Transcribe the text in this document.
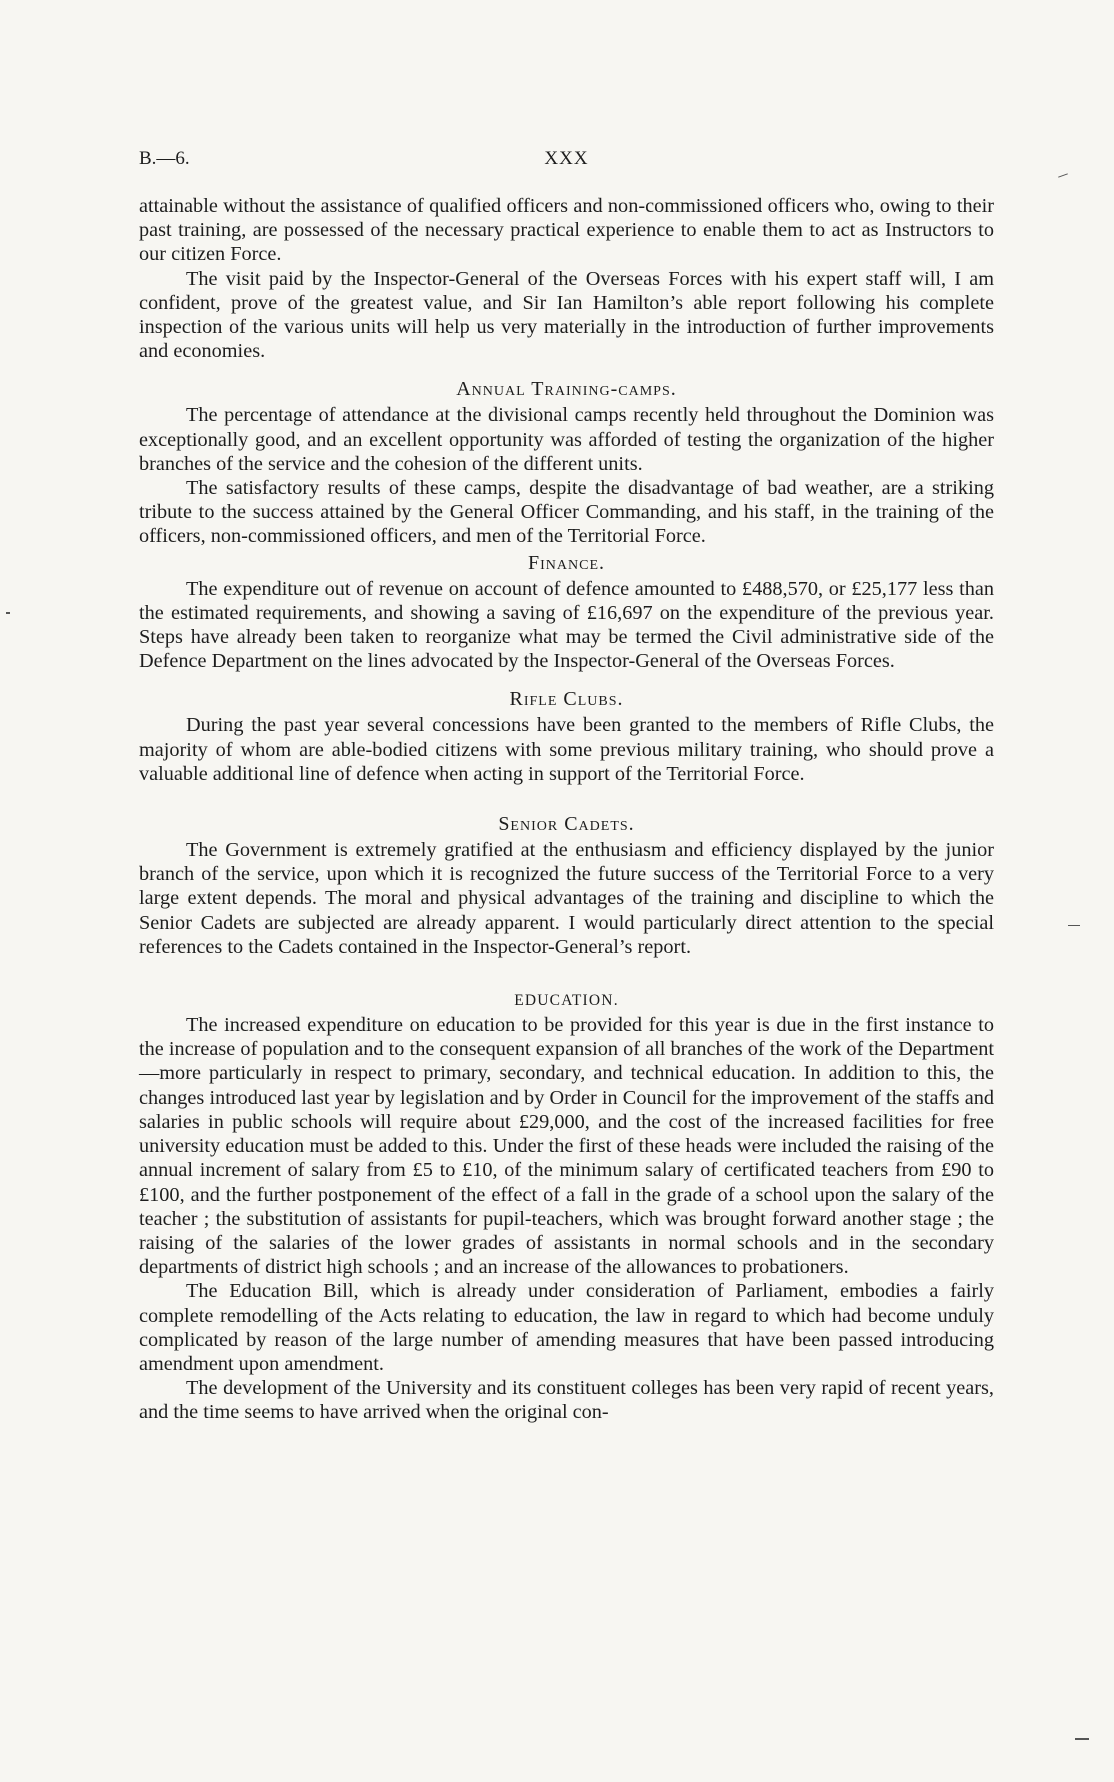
B.—6.	XXX

attainable without the assistance of qualified officers and non-commissioned officers who, owing to their past training, are possessed of the necessary practical experience to enable them to act as Instructors to our citizen Force.

The visit paid by the Inspector-General of the Overseas Forces with his expert staff will, I am confident, prove of the greatest value, and Sir Ian Hamilton’s able report following his complete inspection of the various units will help us very materially in the introduction of further improvements and economies.

Annual Training-camps.

The percentage of attendance at the divisional camps recently held throughout the Dominion was exceptionally good, and an excellent opportunity was afforded of testing the organization of the higher branches of the service and the cohesion of the different units.

The satisfactory results of these camps, despite the disadvantage of bad weather, are a striking tribute to the success attained by the General Officer Commanding, and his staff, in the training of the officers, non-commissioned officers, and men of the Territorial Force.

Finance.

The expenditure out of revenue on account of defence amounted to £488,570, or £25,177 less than the estimated requirements, and showing a saving of £16,697 on the expenditure of the previous year. Steps have already been taken to reorganize what may be termed the Civil administrative side of the Defence Department on the lines advocated by the Inspector-General of the Overseas Forces.

Rifle Clubs.

During the past year several concessions have been granted to the members of Rifle Clubs, the majority of whom are able-bodied citizens with some previous military training, who should prove a valuable additional line of defence when acting in support of the Territorial Force.

Senior Cadets.

The Government is extremely gratified at the enthusiasm and efficiency displayed by the junior branch of the service, upon which it is recognized the future success of the Territorial Force to a very large extent depends. The moral and physical advantages of the training and discipline to which the Senior Cadets are subjected are already apparent. I would particularly direct attention to the special references to the Cadets contained in the Inspector-General’s report.

EDUCATION.

The increased expenditure on education to be provided for this year is due in the first instance to the increase of population and to the consequent expansion of all branches of the work of the Department—more particularly in respect to primary, secondary, and technical education. In addition to this, the changes introduced last year by legislation and by Order in Council for the improvement of the staffs and salaries in public schools will require about £29,000, and the cost of the increased facilities for free university education must be added to this. Under the first of these heads were included the raising of the annual increment of salary from £5 to £10, of the minimum salary of certificated teachers from £90 to £100, and the further postponement of the effect of a fall in the grade of a school upon the salary of the teacher ; the substitution of assistants for pupil-teachers, which was brought forward another stage ; the raising of the salaries of the lower grades of assistants in normal schools and in the secondary departments of district high schools ; and an increase of the allowances to probationers.

The Education Bill, which is already under consideration of Parliament, embodies a fairly complete remodelling of the Acts relating to education, the law in regard to which had become unduly complicated by reason of the large number of amending measures that have been passed introducing amendment upon amendment.

The development of the University and its constituent colleges has been very rapid of recent years, and the time seems to have arrived when the original con-
